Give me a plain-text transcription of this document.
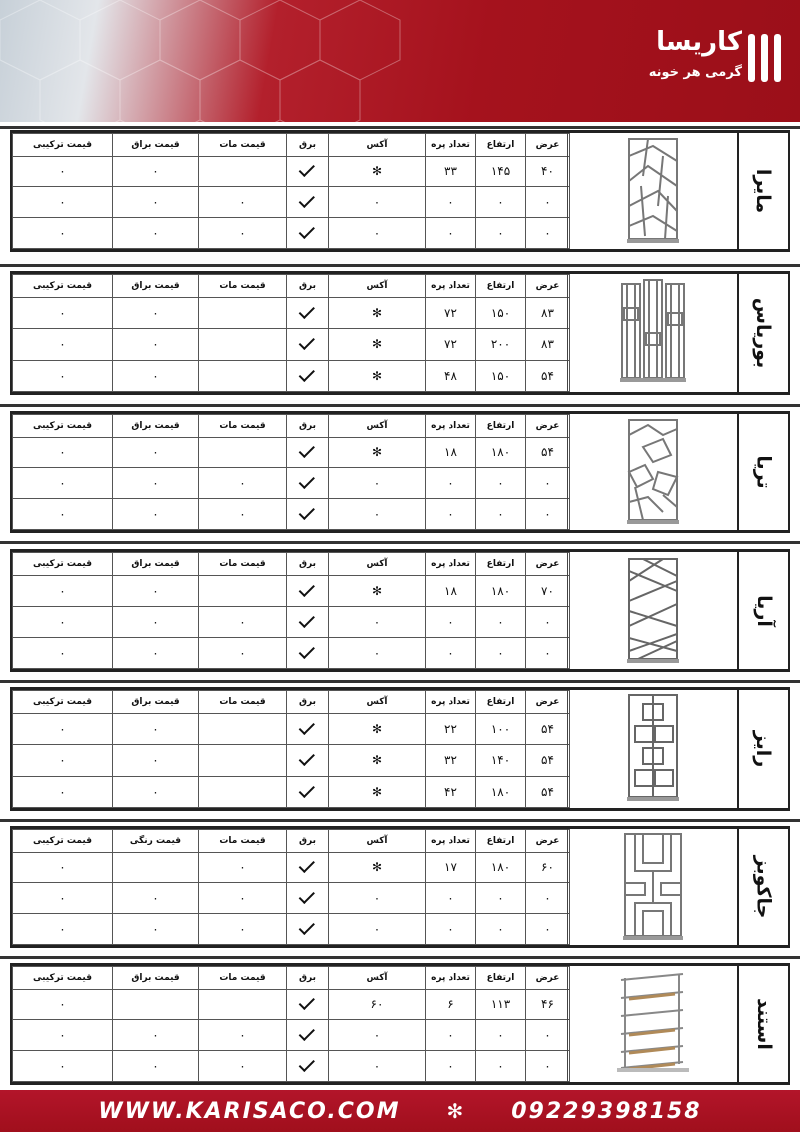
کاریسا
گرمی هر خونه
عرض	ارتفاع	تعداد پره	آکس	برق	قیمت مات	قیمت براق	قیمت ترکیبی
۴۰	۱۴۵	۳۳	✻			۰	۰
۰	۰	۰	۰		۰	۰	۰
۰	۰	۰	۰		۰	۰	۰
مایرا
عرض	ارتفاع	تعداد پره	آکس	برق	قیمت مات	قیمت براق	قیمت ترکیبی
۸۳	۱۵۰	۷۲	✻			۰	۰
۸۳	۲۰۰	۷۲	✻			۰	۰
۵۴	۱۵۰	۴۸	✻			۰	۰
بوریاس
عرض	ارتفاع	تعداد پره	آکس	برق	قیمت مات	قیمت براق	قیمت ترکیبی
۵۴	۱۸۰	۱۸	✻			۰	۰
۰	۰	۰	۰		۰	۰	۰
۰	۰	۰	۰		۰	۰	۰
تریا
عرض	ارتفاع	تعداد پره	آکس	برق	قیمت مات	قیمت براق	قیمت ترکیبی
۷۰	۱۸۰	۱۸	✻			۰	۰
۰	۰	۰	۰		۰	۰	۰
۰	۰	۰	۰		۰	۰	۰
آریا
عرض	ارتفاع	تعداد پره	آکس	برق	قیمت مات	قیمت براق	قیمت ترکیبی
۵۴	۱۰۰	۲۲	✻			۰	۰
۵۴	۱۴۰	۳۲	✻			۰	۰
۵۴	۱۸۰	۴۲	✻			۰	۰
رایز
عرض	ارتفاع	تعداد پره	آکس	برق	قیمت مات	قیمت رنگی	قیمت ترکیبی
۶۰	۱۸۰	۱۷	✻		۰		۰
۰	۰	۰	۰		۰	۰	۰
۰	۰	۰	۰		۰	۰	۰
جاکوبز
عرض	ارتفاع	تعداد پره	آکس	برق	قیمت مات	قیمت براق	قیمت ترکیبی
۴۶	۱۱۳	۶	۶۰				۰
۰	۰	۰	۰		۰	۰	۰
۰	۰	۰	۰		۰	۰	۰
استند
WWW.KARISACO.COM ✻ 09229398158
